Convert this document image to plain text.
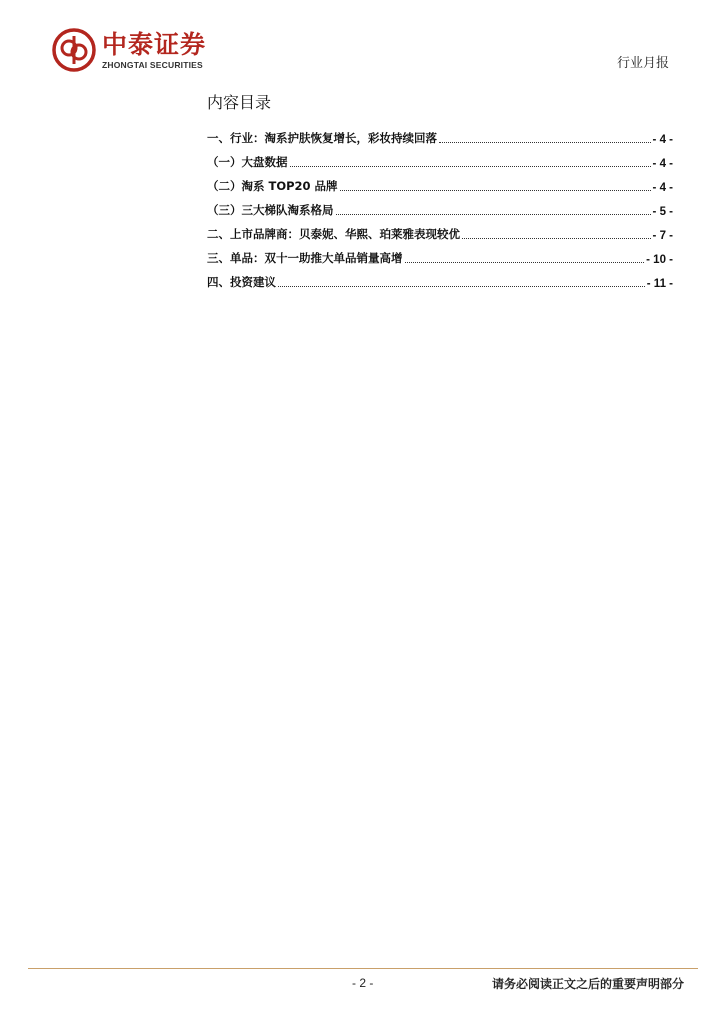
中泰证券
ZHONGTAI SECURITIES	行业月报
内容目录
一、行业：淘系护肤恢复增长，彩妆持续回落	- 4 -
（一）大盘数据	- 4 -
（二）淘系 TOP20 品牌	- 4 -
（三）三大梯队淘系格局	- 5 -
二、上市品牌商：贝泰妮、华熙、珀莱雅表现较优	- 7 -
三、单品：双十一助推大单品销量高增	- 10 -
四、投资建议	- 11 -
- 2 -	请务必阅读正文之后的重要声明部分
